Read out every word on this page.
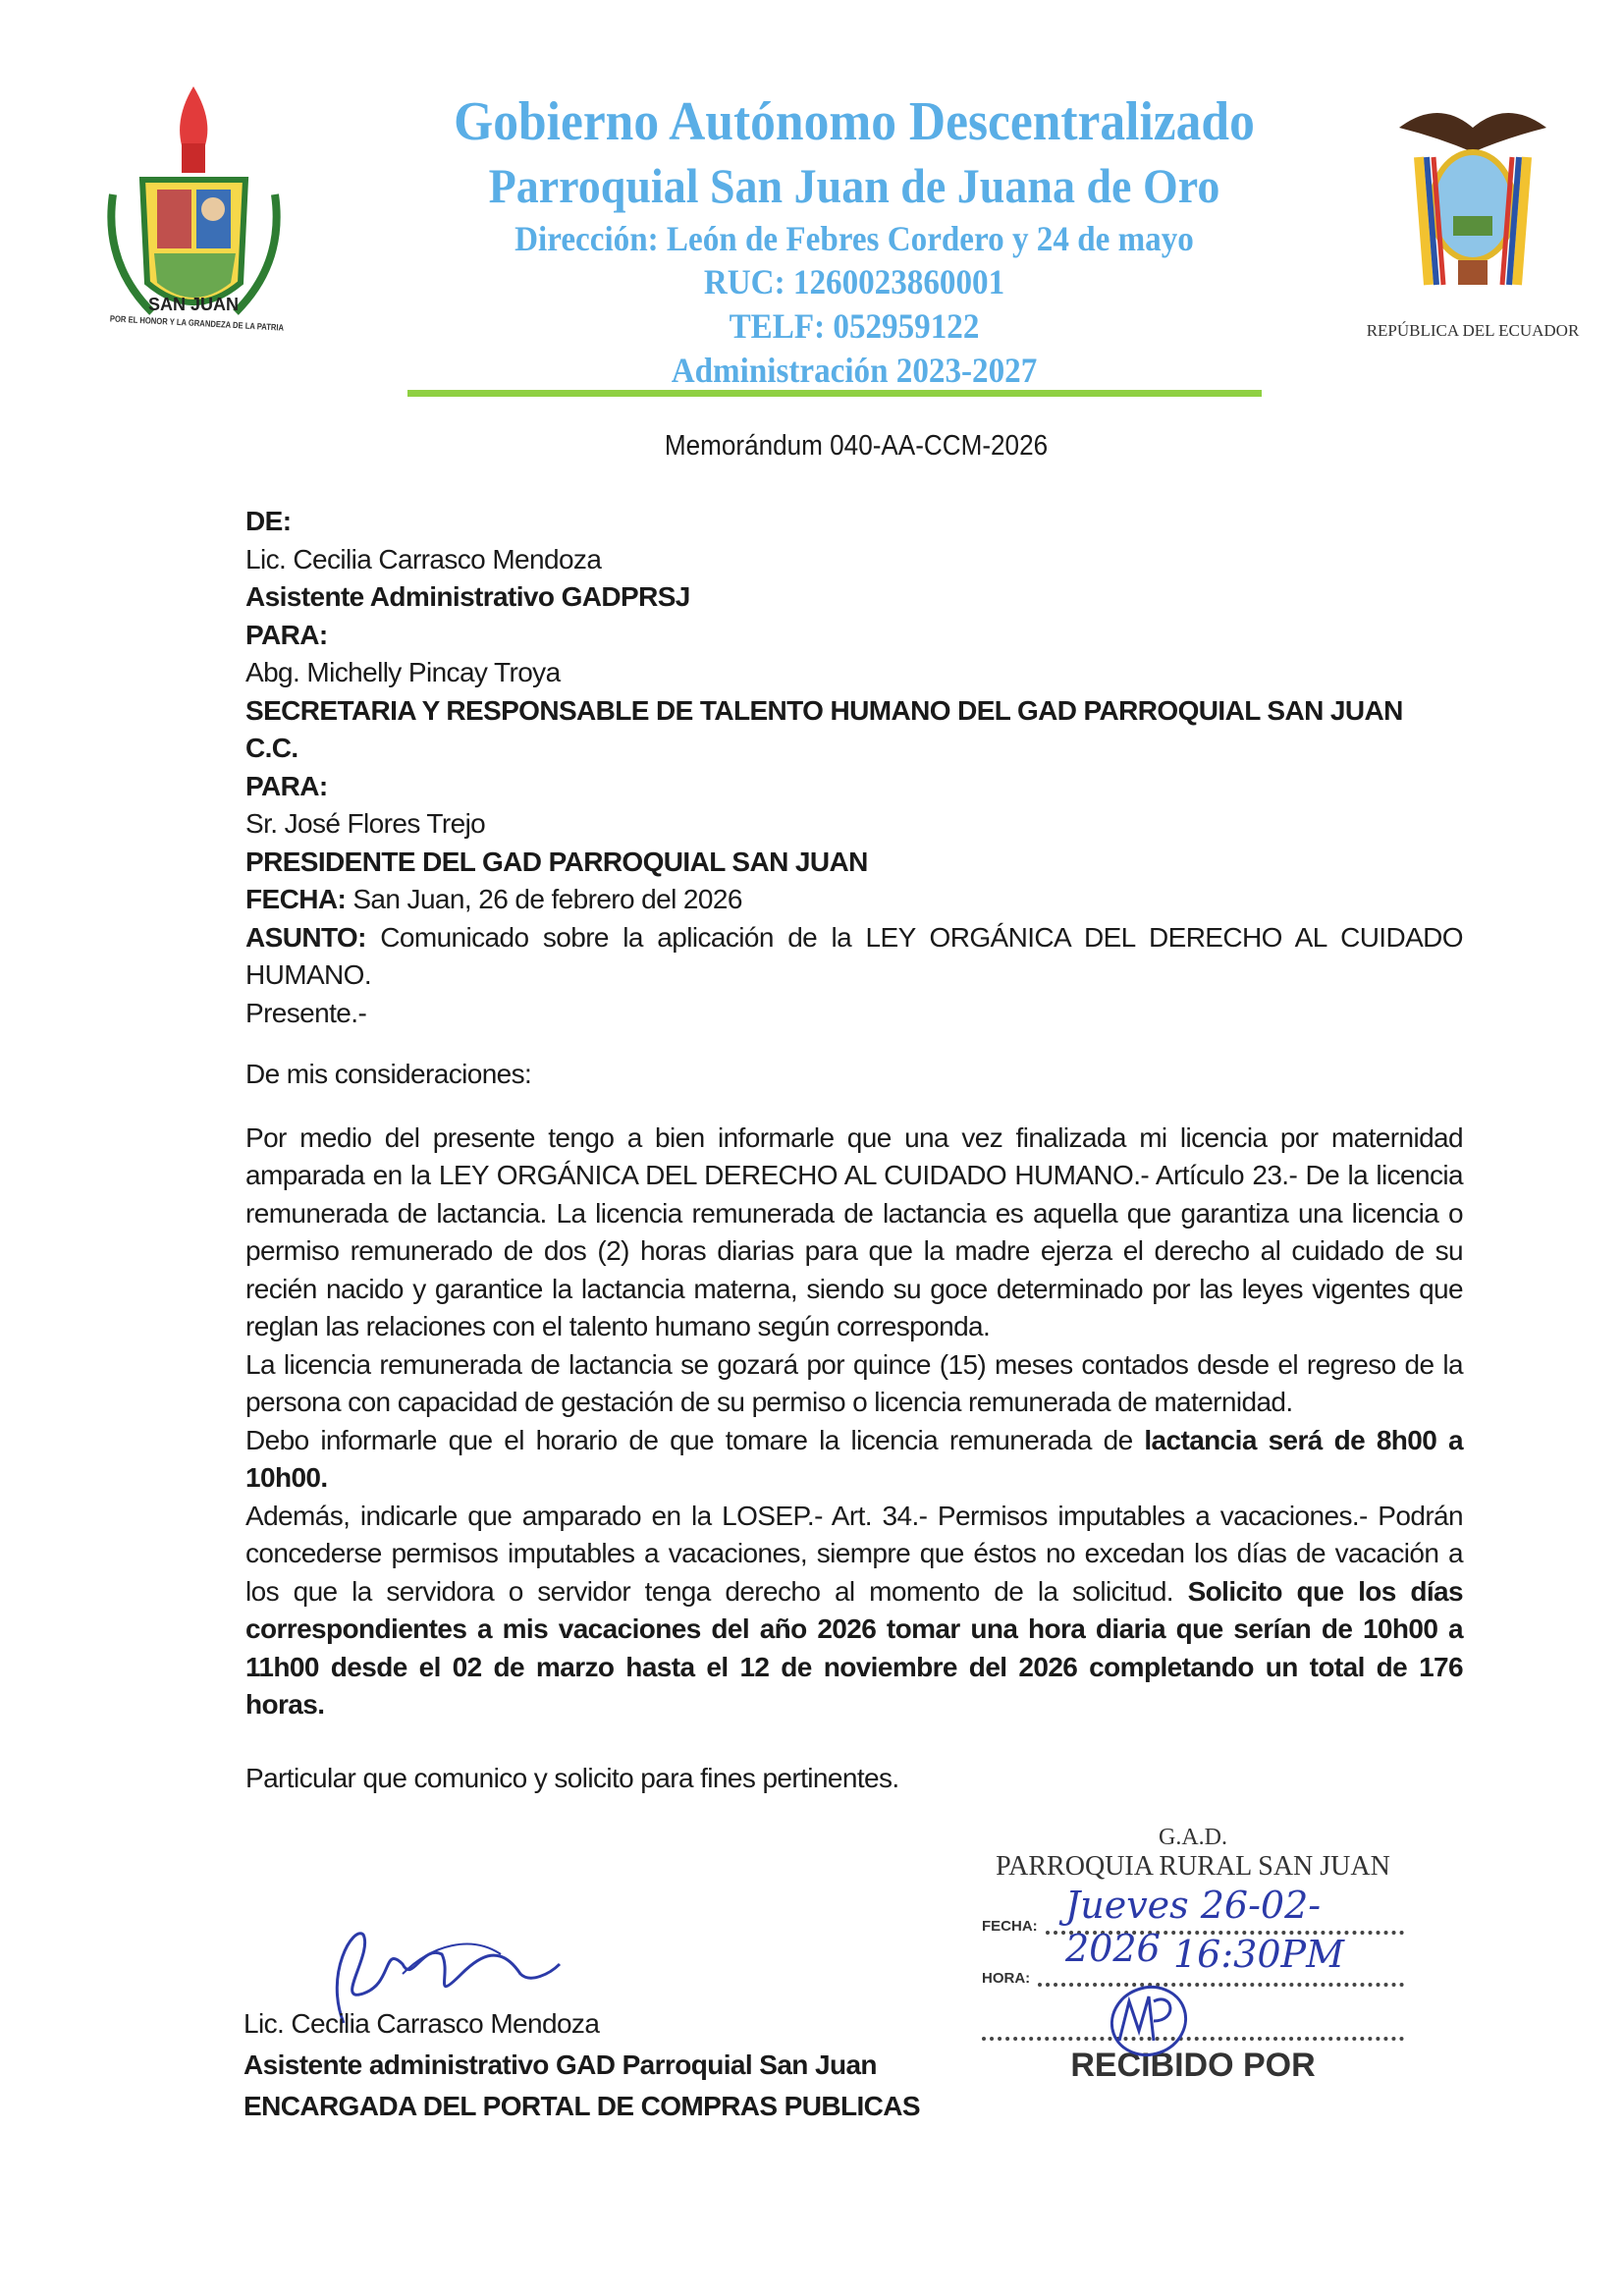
SAN JUAN
POR EL HONOR Y LA GRANDEZA DE LA PATRIA
Gobierno Autónomo Descentralizado
Parroquial San Juan de Juana de Oro
Dirección: León de Febres Cordero y 24 de mayo
RUC: 1260023860001
TELF: 052959122
Administración 2023-2027
REPÚBLICA DEL ECUADOR
Memorándum 040-AA-CCM-2026
DE:
Lic. Cecilia Carrasco Mendoza
Asistente Administrativo GADPRSJ
PARA:
Abg. Michelly Pincay Troya
SECRETARIA Y RESPONSABLE DE TALENTO HUMANO DEL GAD PARROQUIAL SAN JUAN
C.C.
PARA:
Sr. José Flores Trejo
PRESIDENTE DEL GAD PARROQUIAL SAN JUAN
FECHA: San Juan, 26 de febrero del 2026

ASUNTO: Comunicado sobre la aplicación de la LEY ORGÁNICA DEL DERECHO AL CUIDADO HUMANO.

Presente.-
De mis consideraciones:

Por medio del presente tengo a bien informarle que una vez finalizada mi licencia por maternidad amparada en la LEY ORGÁNICA DEL DERECHO AL CUIDADO HUMANO.- Artículo 23.- De la licencia remunerada de lactancia. La licencia remunerada de lactancia es aquella que garantiza una licencia o permiso remunerado de dos (2) horas diarias para que la madre ejerza el derecho al cuidado de su recién nacido y garantice la lactancia materna, siendo su goce determinado por las leyes vigentes que reglan las relaciones con el talento humano según corresponda.

La licencia remunerada de lactancia se gozará por quince (15) meses contados desde el regreso de la persona con capacidad de gestación de su permiso o licencia remunerada de maternidad.

Debo informarle que el horario de que tomare la licencia remunerada de lactancia será de 8h00 a 10h00.

Además, indicarle que amparado en la LOSEP.- Art. 34.- Permisos imputables a vacaciones.- Podrán concederse permisos imputables a vacaciones, siempre que éstos no excedan los días de vacación a los que la servidora o servidor tenga derecho al momento de la solicitud. Solicito que los días correspondientes a mis vacaciones del año 2026 tomar una hora diaria que serían de 10h00 a 11h00 desde el 02 de marzo hasta el 12 de noviembre del 2026 completando un total de 176 horas.

Particular que comunico y solicito para fines pertinentes.
Lic. Cecilia Carrasco Mendoza
Asistente administrativo GAD Parroquial San Juan
ENCARGADA DEL PORTAL DE COMPRAS PUBLICAS
G.A.D.
PARROQUIA RURAL SAN JUAN
FECHA:
HORA:
RECIBIDO POR
Jueves 26-02-2026 16:30PM
